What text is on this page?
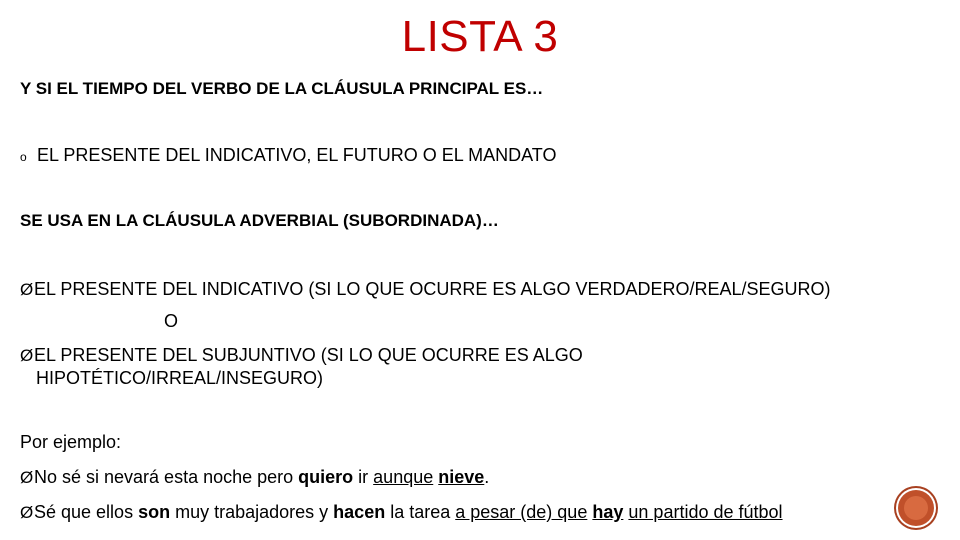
LISTA 3
Y SI EL TIEMPO DEL VERBO DE LA CLÁUSULA PRINCIPAL ES…
o EL PRESENTE DEL INDICATIVO, EL FUTURO O EL MANDATO
SE USA EN LA CLÁUSULA ADVERBIAL (SUBORDINADA)…
ØEL PRESENTE DEL INDICATIVO (SI LO QUE OCURRE ES ALGO VERDADERO/REAL/SEGURO)
O
ØEL PRESENTE DEL SUBJUNTIVO (SI LO QUE OCURRE ES ALGO
HIPOTÉTICO/IRREAL/INSEGURO)
Por ejemplo:
ØNo sé si nevará esta noche pero quiero ir aunque nieve.
ØSé que ellos son muy trabajadores y hacen la tarea a pesar (de) que hay un partido de fútbol
